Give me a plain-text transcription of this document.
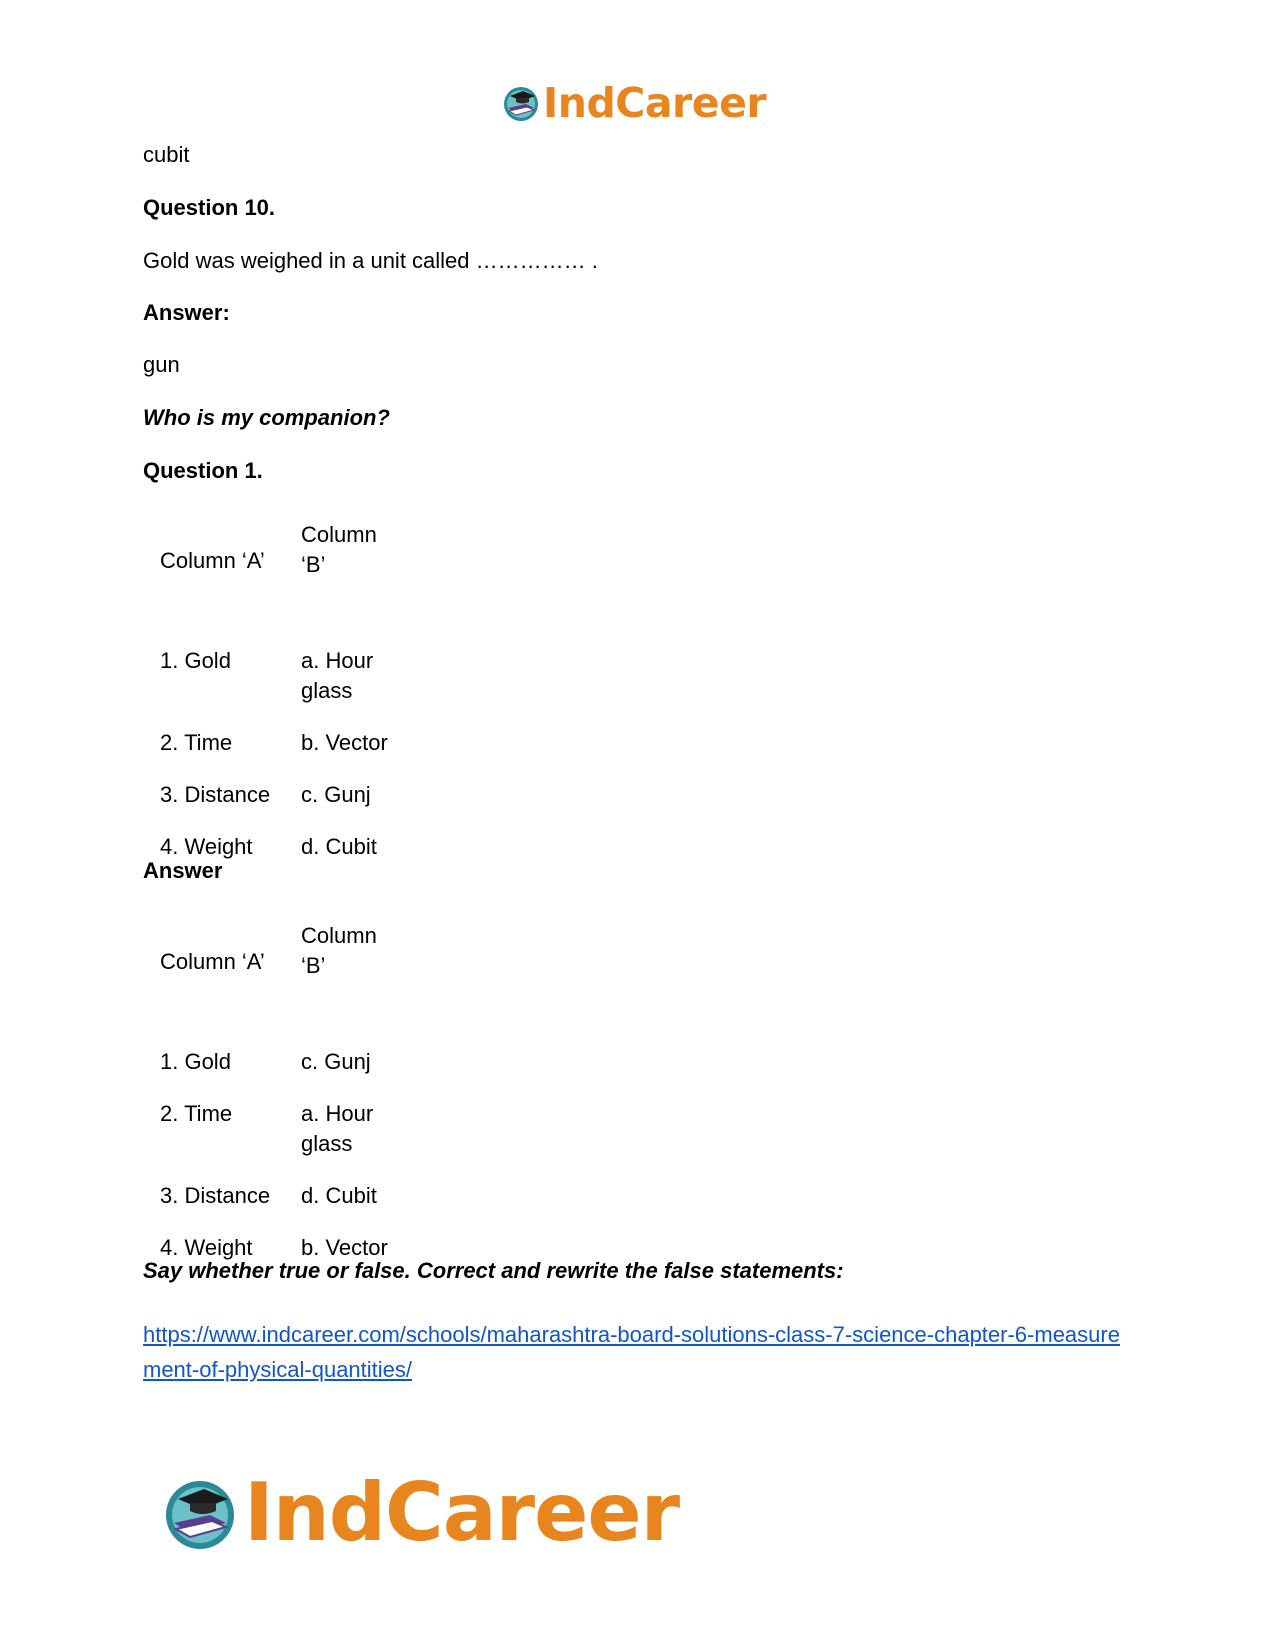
IndCareer
cubit
Question 10.
Gold was weighed in a unit called …………… .
Answer:
gun
Who is my companion?
Question 1.
Column ‘A’	Column ‘B’
1. Gold	a. Hour glass
2. Time	b. Vector
3. Distance	c. Gunj
4. Weight	d. Cubit
Answer
Column ‘A’	Column ‘B’
1. Gold	c. Gunj
2. Time	a. Hour glass
3. Distance	d. Cubit
4. Weight	b. Vector
Say whether true or false. Correct and rewrite the false statements:
https://www.indcareer.com/schools/maharashtra-board-solutions-class-7-science-chapter-6-measurement-of-physical-quantities/
IndCareer
